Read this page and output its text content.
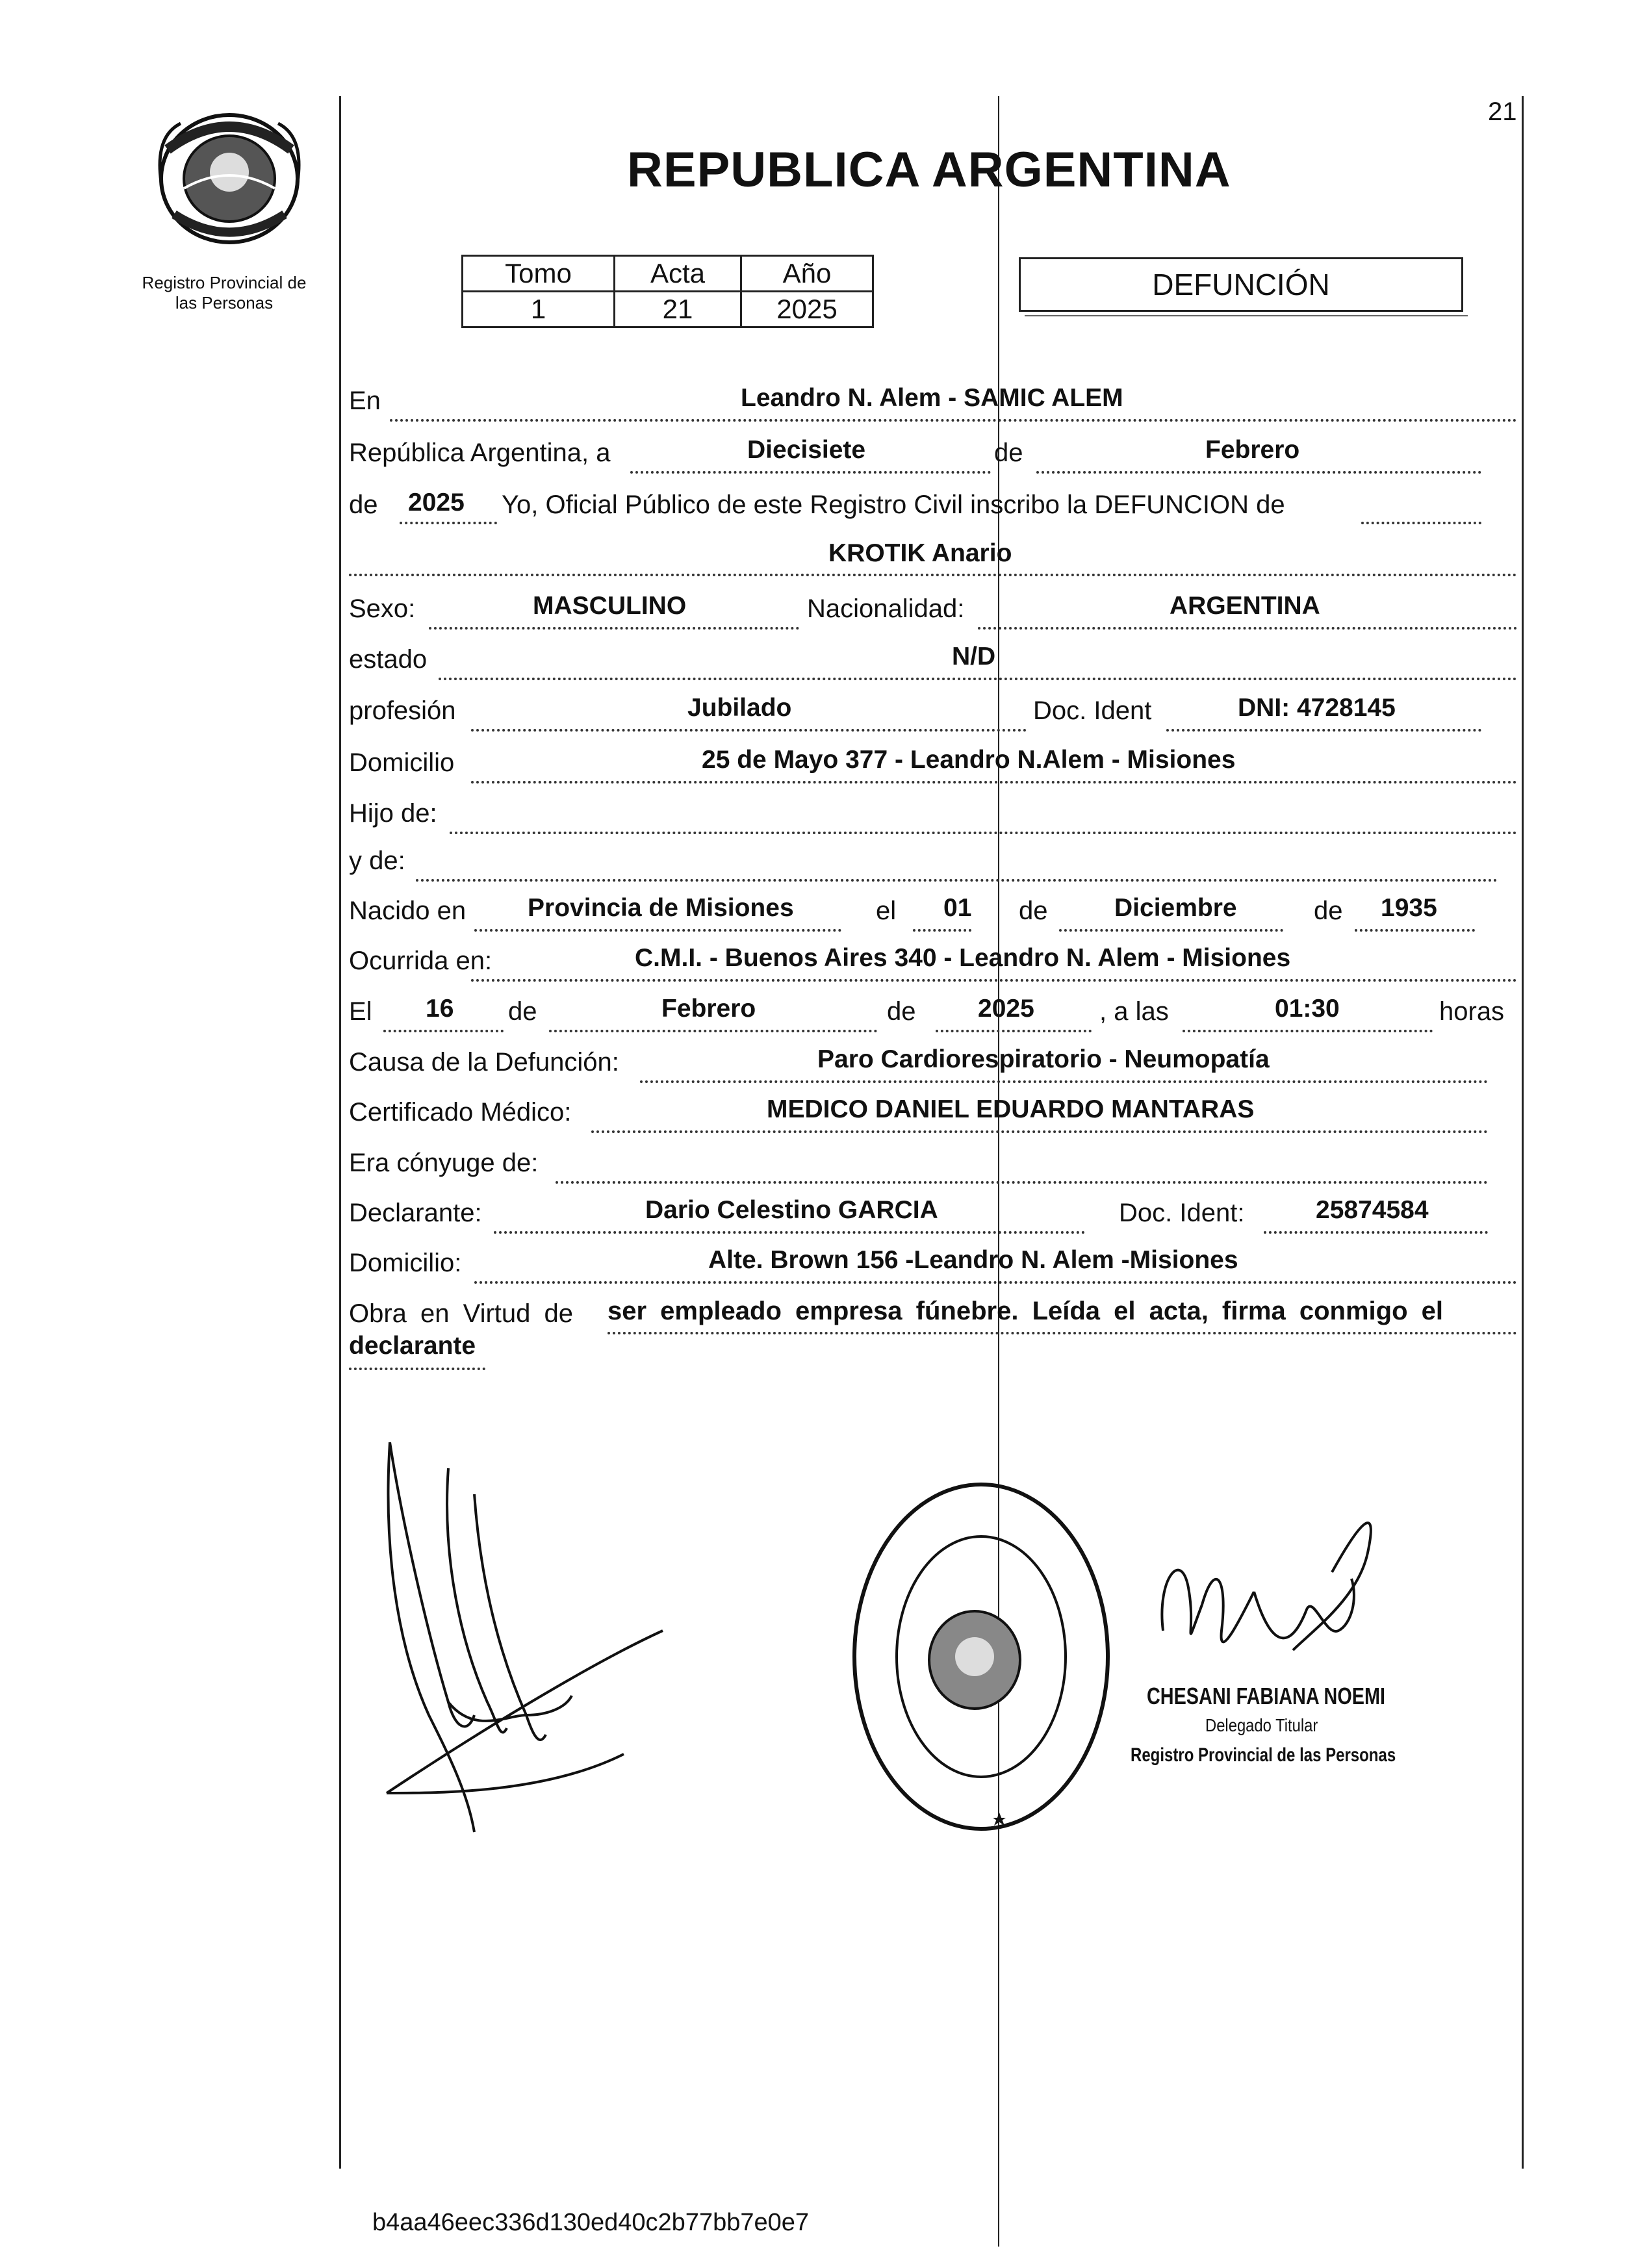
21
Registro Provincial de
las Personas
REPUBLICA ARGENTINA
Tomo	Acta	Año
1	21	2025
DEFUNCIÓN
En	Leandro N. Alem - SAMIC ALEM
República Argentina, a	Diecisiete	de	Febrero
de 2025 Yo, Oficial Público de este Registro Civil inscribo la DEFUNCION de
KROTIK Anario
Sexo:	MASCULINO	Nacionalidad:	ARGENTINA
estado	N/D
profesión	Jubilado	Doc. Ident	DNI: 4728145
Domicilio	25 de Mayo 377 - Leandro N.Alem - Misiones
Hijo de:
y de:
Nacido en Provincia de Misiones	el 01 de	Diciembre	de 1935
Ocurrida en:	C.M.I. - Buenos Aires 340 - Leandro N. Alem - Misiones
El 16 de	Febrero	de 2025	, a las	01:30	horas
Causa de la Defunción:	Paro Cardiorespiratorio - Neumopatía
Certificado Médico:	MEDICO DANIEL EDUARDO MANTARAS
Era cónyuge de:
Declarante:	Dario Celestino GARCIA	Doc. Ident:	25874584
Domicilio:	Alte. Brown 156 -Leandro N. Alem -Misiones
Obra en Virtud de ser empleado empresa fúnebre. Leída el acta, firma conmigo el
declarante
CHESANI FABIANA NOEMI
Delegado Titular
Registro Provincial de las Personas
b4aa46eec336d130ed40c2b77bb7e0e7
